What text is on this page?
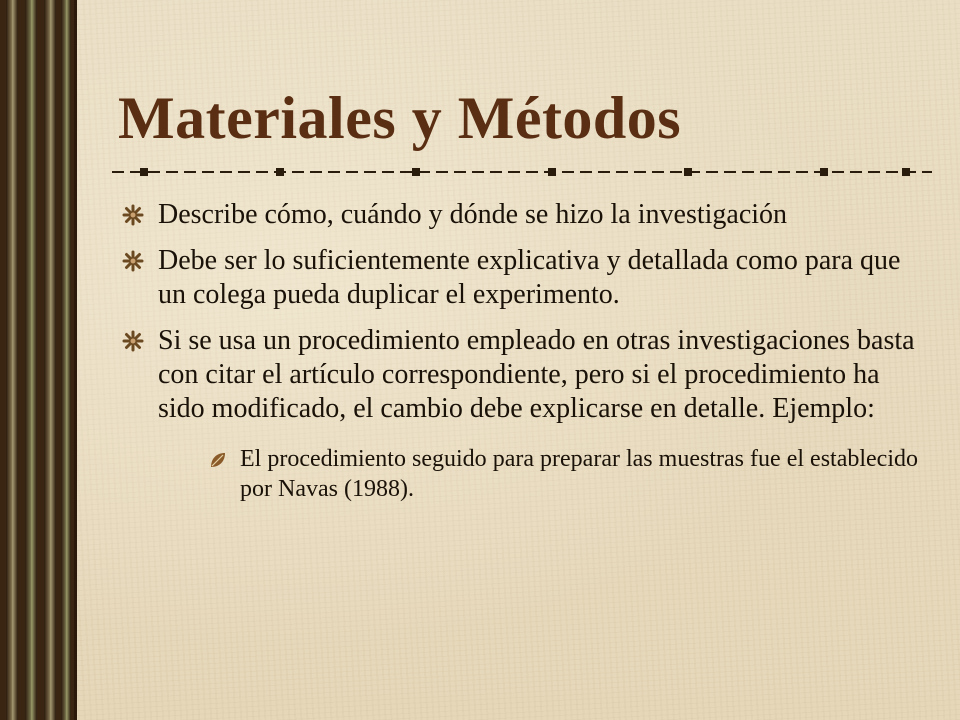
Materiales y Métodos
Describe cómo, cuándo y dónde se hizo la investigación
Debe ser lo suficientemente explicativa y detallada como para que un colega pueda duplicar el experimento.
Si se usa un procedimiento empleado en otras investigaciones basta con citar el artículo correspondiente, pero si el procedimiento ha sido modificado, el cambio debe explicarse en detalle. Ejemplo:
El procedimiento seguido para preparar las muestras fue el establecido por Navas (1988).
